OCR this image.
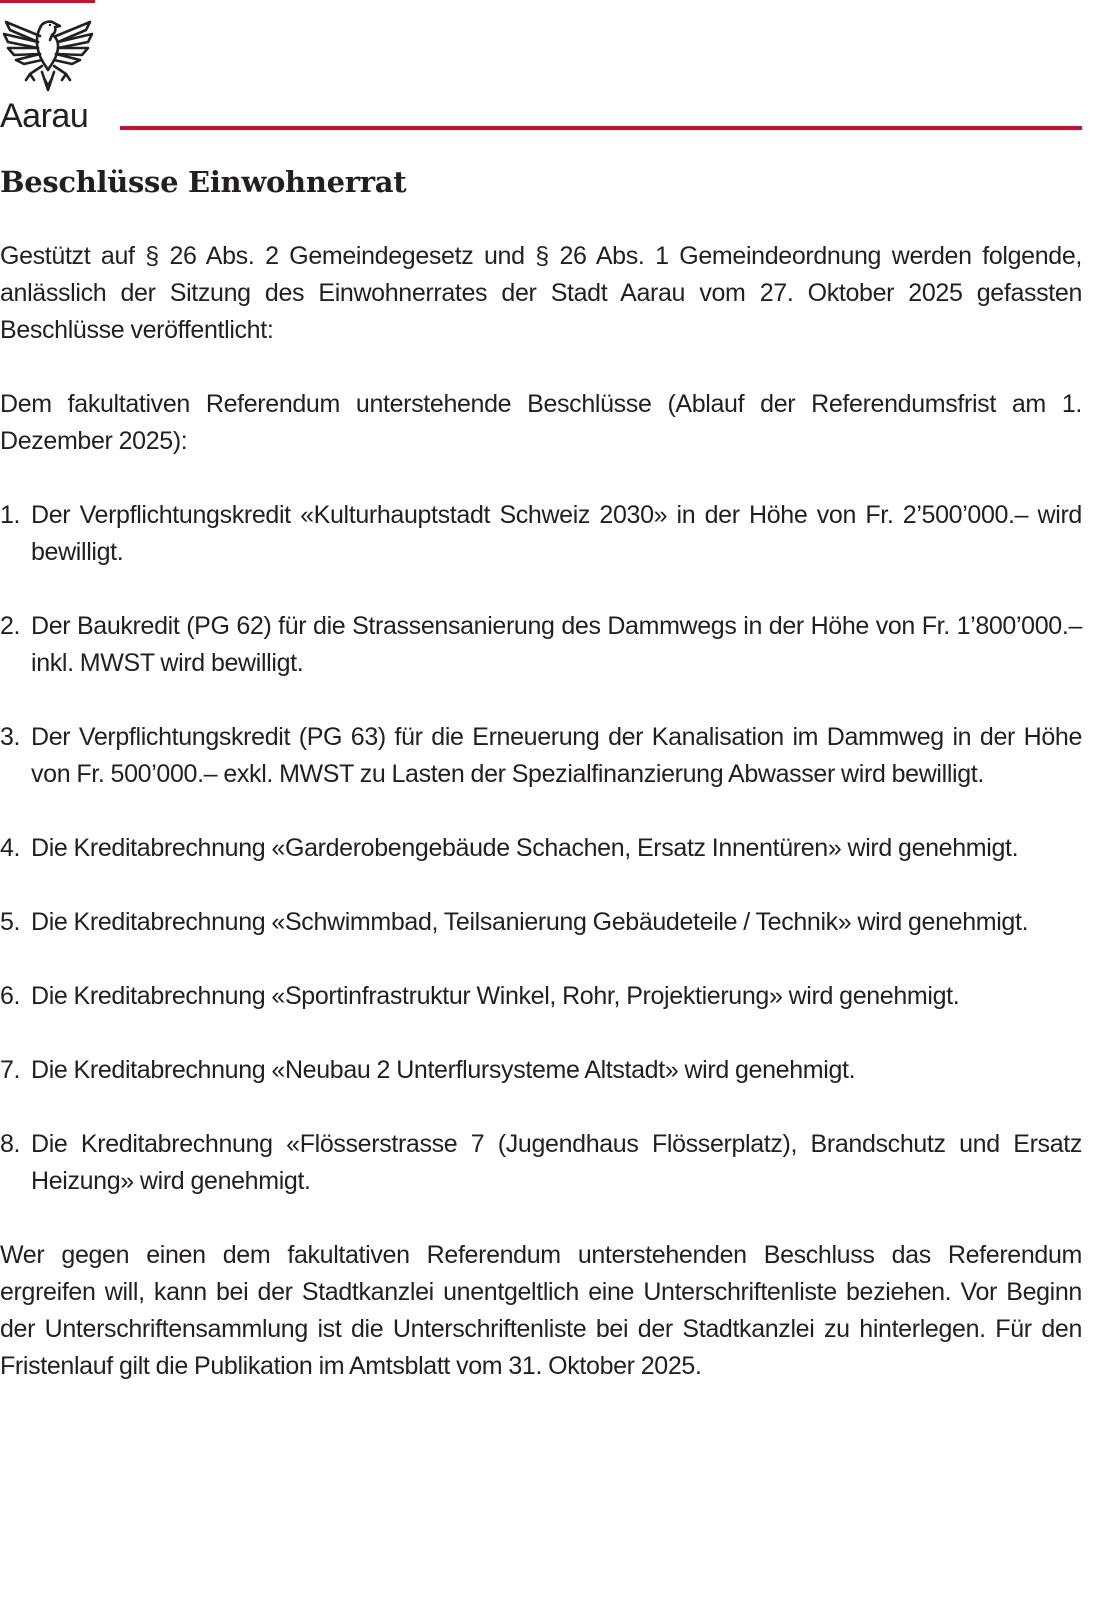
Aarau
Beschlüsse Einwohnerrat

Gestützt auf § 26 Abs. 2 Gemeindegesetz und § 26 Abs. 1 Gemeindeordnung werden folgende, anlässlich der Sitzung des Einwohnerrates der Stadt Aarau vom 27. Oktober 2025 gefassten Beschlüsse veröffentlicht:

Dem fakultativen Referendum unterstehende Beschlüsse (Ablauf der Referendumsfrist am 1. Dezember 2025):

1. Der Verpflichtungskredit «Kulturhauptstadt Schweiz 2030» in der Höhe von Fr. 2’500’000.– wird bewilligt.
2. Der Baukredit (PG 62) für die Strassensanierung des Dammwegs in der Höhe von Fr. 1’800’000.– inkl. MWST wird bewilligt.
3. Der Verpflichtungskredit (PG 63) für die Erneuerung der Kanalisation im Dammweg in der Höhe von Fr. 500’000.– exkl. MWST zu Lasten der Spezialfinanzierung Abwasser wird bewilligt.
4. Die Kreditabrechnung «Garderobengebäude Schachen, Ersatz Innentüren» wird genehmigt.
5. Die Kreditabrechnung «Schwimmbad, Teilsanierung Gebäudeteile / Technik» wird genehmigt.
6. Die Kreditabrechnung «Sportinfrastruktur Winkel, Rohr, Projektierung» wird genehmigt.
7. Die Kreditabrechnung «Neubau 2 Unterflursysteme Altstadt» wird genehmigt.
8. Die Kreditabrechnung «Flösserstrasse 7 (Jugendhaus Flösserplatz), Brandschutz und Ersatz Heizung» wird genehmigt.

Wer gegen einen dem fakultativen Referendum unterstehenden Beschluss das Referendum ergreifen will, kann bei der Stadtkanzlei unentgeltlich eine Unterschriftenliste beziehen. Vor Beginn der Unterschriftensammlung ist die Unterschriftenliste bei der Stadtkanzlei zu hinterlegen. Für den Fristenlauf gilt die Publikation im Amtsblatt vom 31. Oktober 2025.
